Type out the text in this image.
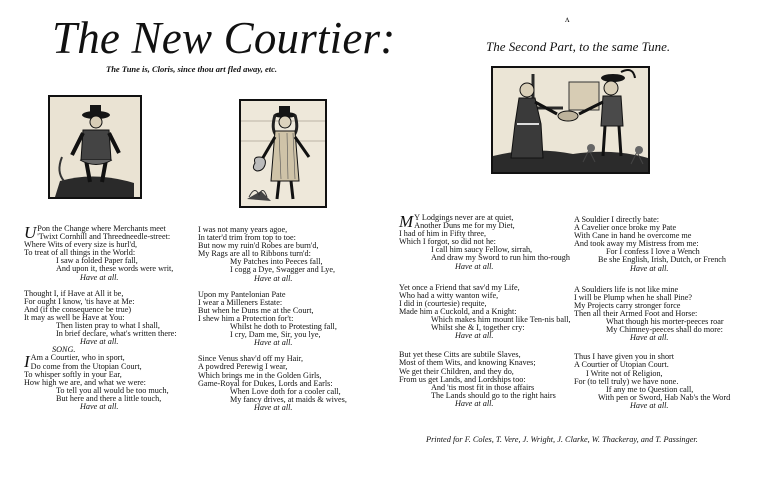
The New Courtier:
The Tune is, Cloris, since thou art fled away, etc.
The Second Part, to the same Tune.
ʌ
U Pon the Change where Merchants meet

'Twixt Cornhill and Threedneedle-street:

Where Wits of every size is hurl'd,

To treat of all things in the World:

I saw a folded Paper fall,

And upon it, these words were writ,

Have at all.

Thought I, if Have at All it be,

For ought I know, 'tis have at Me:

And (if the consequence be true)

It may as well be Have at You:

Then listen pray to what I shall,

In brief declare, what's written there:

Have at all.

SONG.

I Am a Courtier, who in sport,

Do come from the Utopian Court,

To whisper softly in your Ear,

How high we are, and what we were:

To tell you all would be too much,

But here and there a little touch,

Have at all.

I was not many years agoe,

In tater'd trim from top to toe:

But now my ruin'd Robes are burn'd,

My Rags are all to Ribbons turn'd:

My Patches into Peeces fall,

I cogg a Dye, Swagger and Lye,

Have at all.

Upon my Pantelonian Pate

I wear a Milleners Estate:

But when he Duns me at the Court,

I shew him a Protection for't:

Whilst he doth to Protesting fall,

I cry, Dam me, Sir, you lye,

Have at all.

Since Venus shav'd off my Hair,

A powdred Perewig I wear,

Which brings me in the Golden Girls,

Game-Royal for Dukes, Lords and Earls:

When Love doth for a cooler call,

My fancy drives, at maids & wives,

Have at all.

M Y Lodgings never are at quiet,

Another Duns me for my Diet,

I had of him in Fifty three,

Which I forgot, so did not he:

I call him saucy Fellow, sirrah,

And draw my Sword to run him tho-rough

Have at all.

Yet once a Friend that sav'd my Life,

Who had a witty wanton wife,

I did in (courtesie) requite,

Made him a Cuckold, and a Knight:

Which makes him mount like Ten-nis ball,

Whilst she & I, together cry:

Have at all.

But yet these Citts are subtile Slaves,

Most of them Wits, and knowing Knaves;

We get their Children, and they do,

From us get Lands, and Lordships too:

And 'tis most fit in those affairs

The Lands should go to the right hairs

Have at all.

A Souldier I directly bate:

A Cavelier once broke my Pate

With Cane in hand he overcome me

And took away my Mistress from me:

For I confess I love a Wench

Be she English, Irish, Dutch, or French

Have at all.

A Souldiers life is not like mine

I will be Plump when he shall Pine?

My Projects carry stronger force

Then all their Armed Foot and Horse:

What though his morter-peeces roar

My Chimney-peeces shall do more:

Have at all.

Thus I have given you in short

A Courtier of Utopian Court.

I Write not of Religion,

For (to tell truly) we have none.

If any me to Question call,

With pen or Sword, Hab Nab's the Word

Have at all.

Printed for F. Coles, T. Vere, J. Wright, J. Clarke, W. Thackeray, and T. Passinger.
